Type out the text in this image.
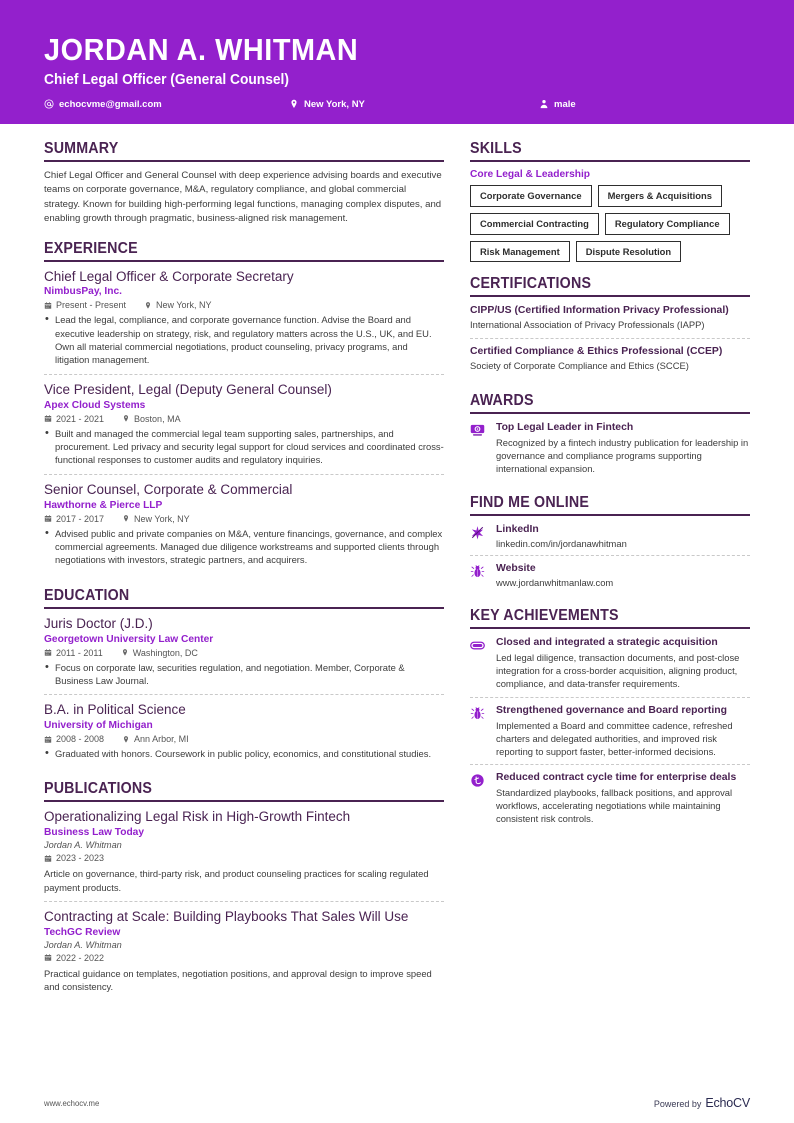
JORDAN A. WHITMAN
Chief Legal Officer (General Counsel)
echocvme@gmail.com	New York, NY	male
SUMMARY
Chief Legal Officer and General Counsel with deep experience advising boards and executive teams on corporate governance, M&A, regulatory compliance, and global commercial strategy. Known for building high-performing legal functions, managing complex disputes, and enabling growth through pragmatic, business-aligned risk management.
EXPERIENCE
Chief Legal Officer & Corporate Secretary
NimbusPay, Inc.
Present - Present	New York, NY
• Lead the legal, compliance, and corporate governance function. Advise the Board and executive leadership on strategy, risk, and regulatory matters across the U.S., UK, and EU. Own all material commercial negotiations, product counseling, privacy programs, and litigation management.
Vice President, Legal (Deputy General Counsel)
Apex Cloud Systems
2021 - 2021	Boston, MA
• Built and managed the commercial legal team supporting sales, partnerships, and procurement. Led privacy and security legal support for cloud services and coordinated cross-functional responses to customer audits and regulatory inquiries.
Senior Counsel, Corporate & Commercial
Hawthorne & Pierce LLP
2017 - 2017	New York, NY
• Advised public and private companies on M&A, venture financings, governance, and complex commercial agreements. Managed due diligence workstreams and supported clients through negotiations with investors, strategic partners, and acquirers.
EDUCATION
Juris Doctor (J.D.)
Georgetown University Law Center
2011 - 2011	Washington, DC
• Focus on corporate law, securities regulation, and negotiation. Member, Corporate & Business Law Journal.
B.A. in Political Science
University of Michigan
2008 - 2008	Ann Arbor, MI
• Graduated with honors. Coursework in public policy, economics, and constitutional studies.
PUBLICATIONS
Operationalizing Legal Risk in High-Growth Fintech
Business Law Today
Jordan A. Whitman
2023 - 2023
Article on governance, third-party risk, and product counseling practices for scaling regulated payment products.
Contracting at Scale: Building Playbooks That Sales Will Use
TechGC Review
Jordan A. Whitman
2022 - 2022
Practical guidance on templates, negotiation positions, and approval design to improve speed and consistency.
SKILLS
Core Legal & Leadership
Corporate Governance	Mergers & Acquisitions
Commercial Contracting	Regulatory Compliance
Risk Management	Dispute Resolution
CERTIFICATIONS
CIPP/US (Certified Information Privacy Professional)
International Association of Privacy Professionals (IAPP)
Certified Compliance & Ethics Professional (CCEP)
Society of Corporate Compliance and Ethics (SCCE)
AWARDS
Top Legal Leader in Fintech
Recognized by a fintech industry publication for leadership in governance and compliance programs supporting international expansion.
FIND ME ONLINE
LinkedIn
linkedin.com/in/jordanawhitman
Website
www.jordanwhitmanlaw.com
KEY ACHIEVEMENTS
Closed and integrated a strategic acquisition
Led legal diligence, transaction documents, and post-close integration for a cross-border acquisition, aligning product, compliance, and data-transfer requirements.
Strengthened governance and Board reporting
Implemented a Board and committee cadence, refreshed charters and delegated authorities, and improved risk reporting to support faster, better-informed decisions.
Reduced contract cycle time for enterprise deals
Standardized playbooks, fallback positions, and approval workflows, accelerating negotiations while maintaining consistent risk controls.
www.echocv.me	Powered by EchoCV
